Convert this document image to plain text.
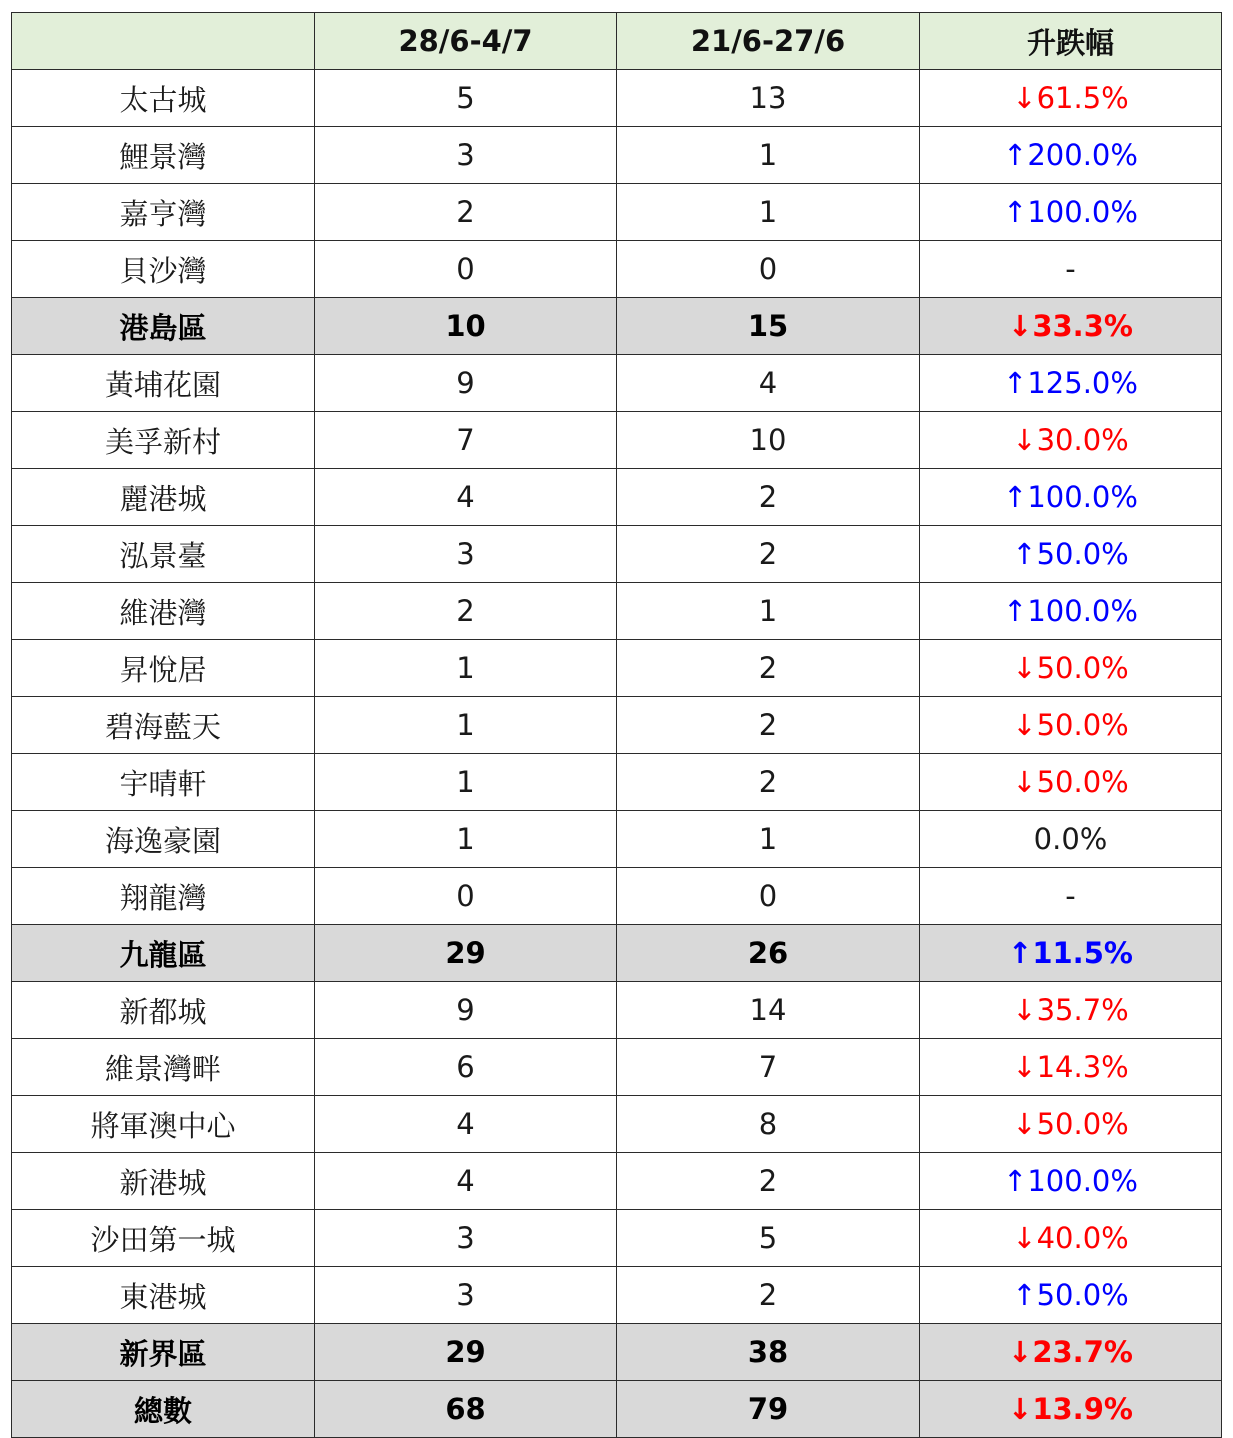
	28/6-4/7	21/6-27/6	升跌幅
太古城	5	13	↓61.5%
鯉景灣	3	1	↑200.0%
嘉亨灣	2	1	↑100.0%
貝沙灣	0	0	-
港島區	10	15	↓33.3%
黃埔花園	9	4	↑125.0%
美孚新村	7	10	↓30.0%
麗港城	4	2	↑100.0%
泓景臺	3	2	↑50.0%
維港灣	2	1	↑100.0%
昇悅居	1	2	↓50.0%
碧海藍天	1	2	↓50.0%
宇晴軒	1	2	↓50.0%
海逸豪園	1	1	0.0%
翔龍灣	0	0	-
九龍區	29	26	↑11.5%
新都城	9	14	↓35.7%
維景灣畔	6	7	↓14.3%
將軍澳中心	4	8	↓50.0%
新港城	4	2	↑100.0%
沙田第一城	3	5	↓40.0%
東港城	3	2	↑50.0%
新界區	29	38	↓23.7%
總數	68	79	↓13.9%
